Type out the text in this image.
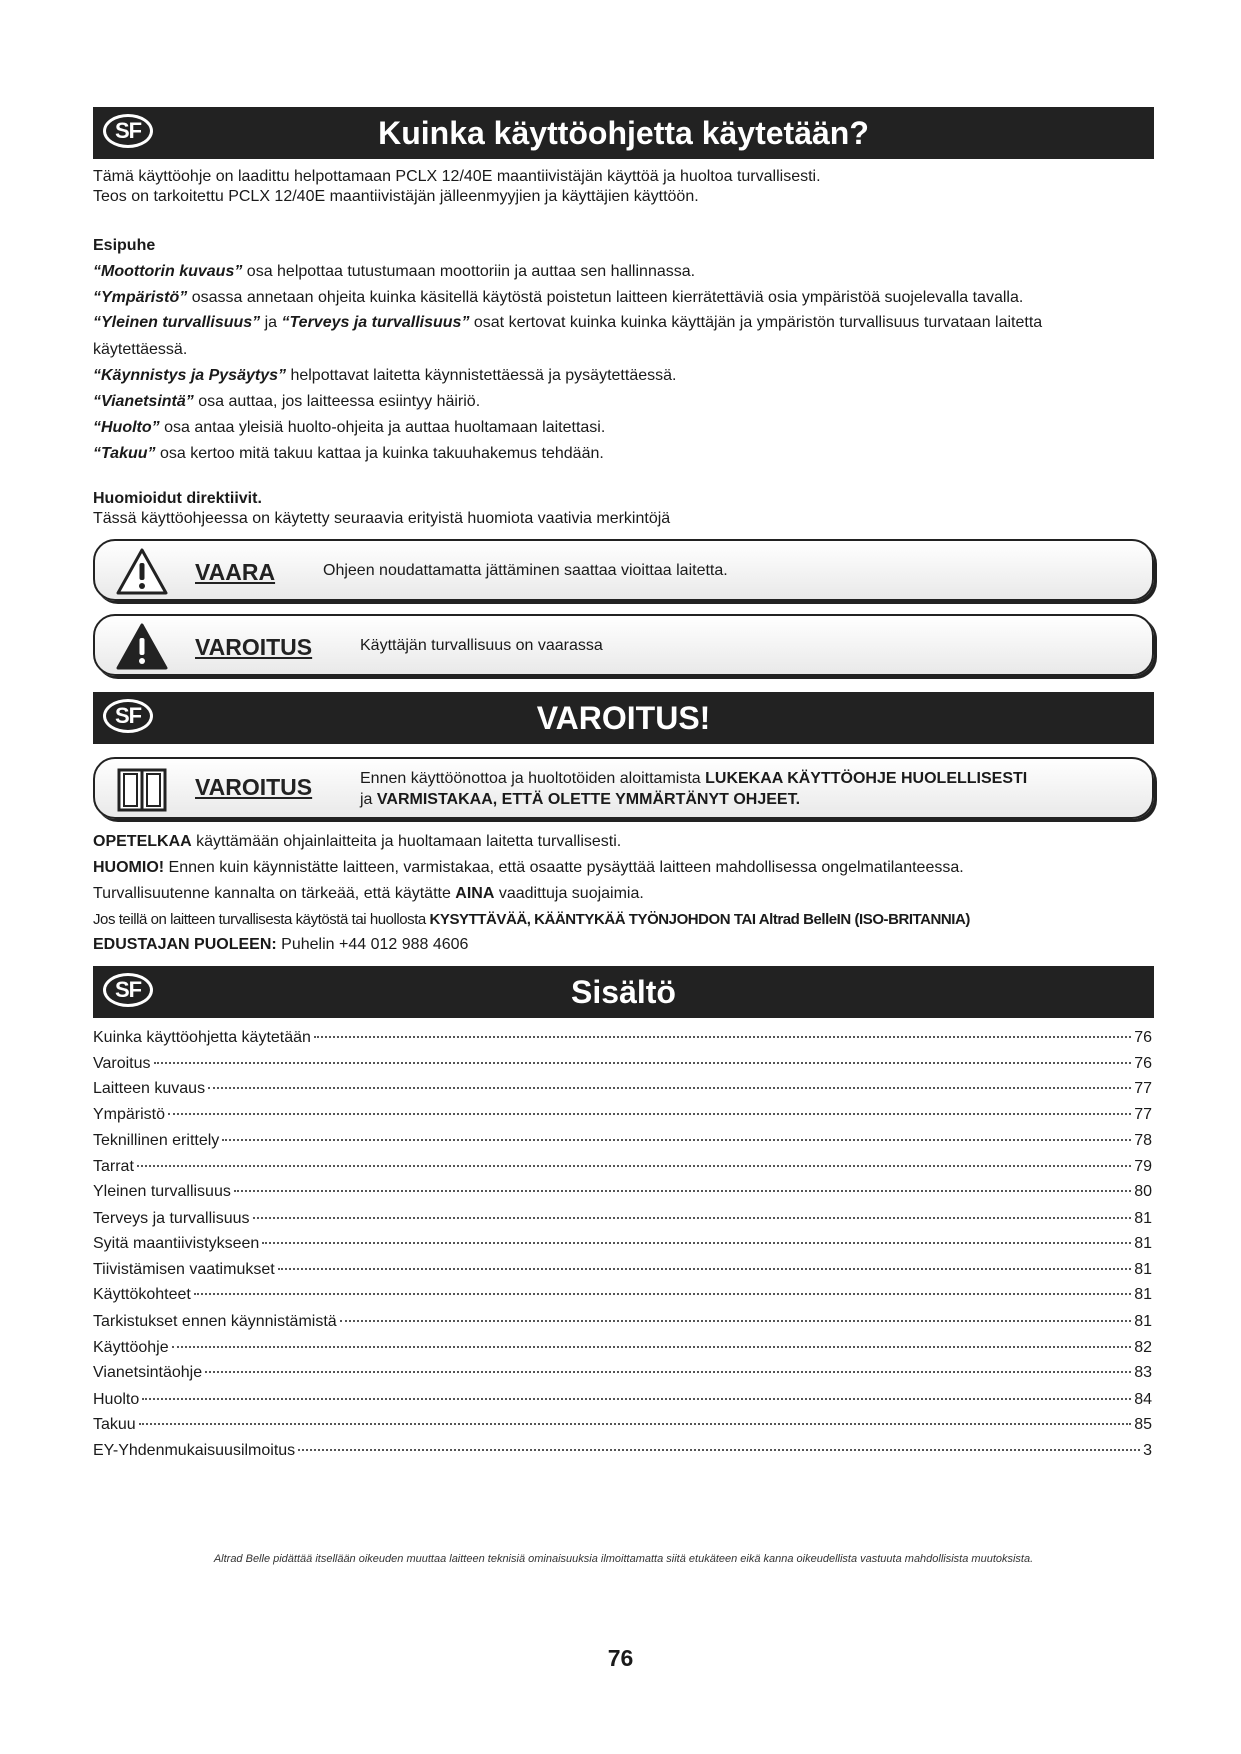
SF	Kuinka käyttöohjetta käytetään?
Tämä käyttöohje on laadittu helpottamaan PCLX 12/40E maantiivistäjän käyttöä ja huoltoa turvallisesti.
Teos on tarkoitettu PCLX 12/40E maantiivistäjän jälleenmyyjien ja käyttäjien käyttöön.
Esipuhe
“Moottorin kuvaus” osa helpottaa tutustumaan moottoriin ja auttaa sen hallinnassa.
“Ympäristö” osassa annetaan ohjeita kuinka käsitellä käytöstä poistetun laitteen kierrätettäviä osia ympäristöä suojelevalla tavalla.
“Yleinen turvallisuus” ja “Terveys ja turvallisuus” osat kertovat kuinka kuinka käyttäjän ja ympäristön turvallisuus turvataan laitetta
käytettäessä.
“Käynnistys ja Pysäytys” helpottavat laitetta käynnistettäessä ja pysäytettäessä.
“Vianetsintä” osa auttaa, jos laitteessa esiintyy häiriö.
“Huolto” osa antaa yleisiä huolto-ohjeita ja auttaa huoltamaan laitettasi.
“Takuu” osa kertoo mitä takuu kattaa ja kuinka takuuhakemus tehdään.
Huomioidut direktiivit.
Tässä käyttöohjeessa on käytetty seuraavia erityistä huomiota vaativia merkintöjä
VAARA	Ohjeen noudattamatta jättäminen saattaa vioittaa laitetta.
VAROITUS	Käyttäjän turvallisuus on vaarassa
SF	VAROITUS!
VAROITUS	Ennen käyttöönottoa ja huoltotöiden aloittamista LUKEKAA KÄYTTÖOHJE HUOLELLISESTI
ja VARMISTAKAA, ETTÄ OLETTE YMMÄRTÄNYT OHJEET.
OPETELKAA käyttämään ohjainlaitteita ja huoltamaan laitetta turvallisesti.
HUOMIO! Ennen kuin käynnistätte laitteen, varmistakaa, että osaatte pysäyttää laitteen mahdollisessa ongelmatilanteessa.
Turvallisuutenne kannalta on tärkeää, että käytätte AINA vaadittuja suojaimia.
Jos teillä on laitteen turvallisesta käytöstä tai huollosta KYSYTTÄVÄÄ, KÄÄNTYKÄÄ TYÖNJOHDON TAI Altrad BelleIN (ISO-BRITANNIA)
EDUSTAJAN PUOLEEN: Puhelin +44 012 988 4606
SF	Sisältö
Kuinka käyttöohjetta käytetään	76
Varoitus	76
Laitteen kuvaus	77
Ympäristö	77
Teknillinen erittely	78
Tarrat	79
Yleinen turvallisuus	80
Terveys ja turvallisuus	81
Syitä maantiivistykseen	81
Tiivistämisen vaatimukset	81
Käyttökohteet	81
Tarkistukset ennen käynnistämistä	81
Käyttöohje	82
Vianetsintäohje	83
Huolto	84
Takuu	85
EY-Yhdenmukaisuusilmoitus	3
Altrad Belle pidättää itsellään oikeuden muuttaa laitteen teknisiä ominaisuuksia ilmoittamatta siitä etukäteen eikä kanna oikeudellista vastuuta mahdollisista muutoksista.
76
